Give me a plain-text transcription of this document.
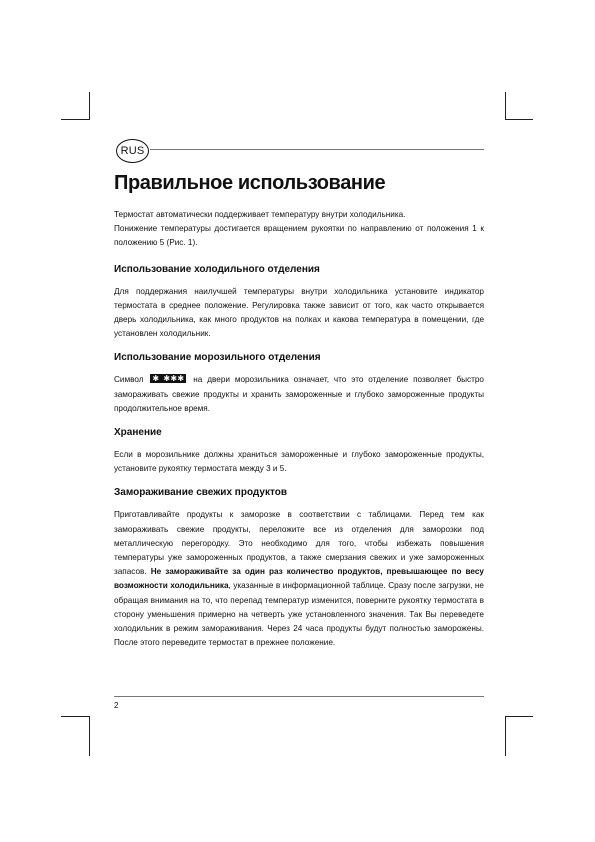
RUS
Правильное использование

Термостат автоматически поддерживает температуру внутри холодильника.

Понижение температуры достигается вращением рукоятки по направлению от положения 1 к положению 5 (Рис. 1).

Использование холодильного отделения

Для поддержания наилучшей температуры внутри холодильника установите индикатор термостата в среднее положение. Регулировка также зависит от того, как часто открывается дверь холодильника, как много продуктов на полках и какова температура в помещении, где установлен холодильник.

Использование морозильного отделения

Символ ✱ ✱ ✱ ✱ на двери морозильника означает, что это отделение позволяет быстро замораживать свежие продукты и хранить замороженные и глубоко замороженные продукты продолжительное время.

Хранение

Если в морозильнике должны храниться замороженные и глубоко замороженные продукты, установите рукоятку термостата между 3 и 5.

Замораживание свежих продуктов

Приготавливайте продукты к заморозке в соответствии с таблицами. Перед тем как замораживать свежие продукты, переложите все из отделения для заморозки под металлическую перегородку. Это необходимо для того, чтобы избежать повышения температуры уже замороженных продуктов, а также смерзания свежих и уже замороженных запасов. Не замораживайте за один раз количество продуктов, превышающее по весу возможности холодильника, указанные в информационной таблице. Сразу после загрузки, не обращая внимания на то, что перепад температур изменится, поверните рукоятку термостата в сторону уменьшения примерно на четверть уже установленного значения. Так Вы переведете холодильник в режим замораживания. Через 24 часа продукты будут полностью заморожены. После этого переведите термостат в прежнее положение.

2
